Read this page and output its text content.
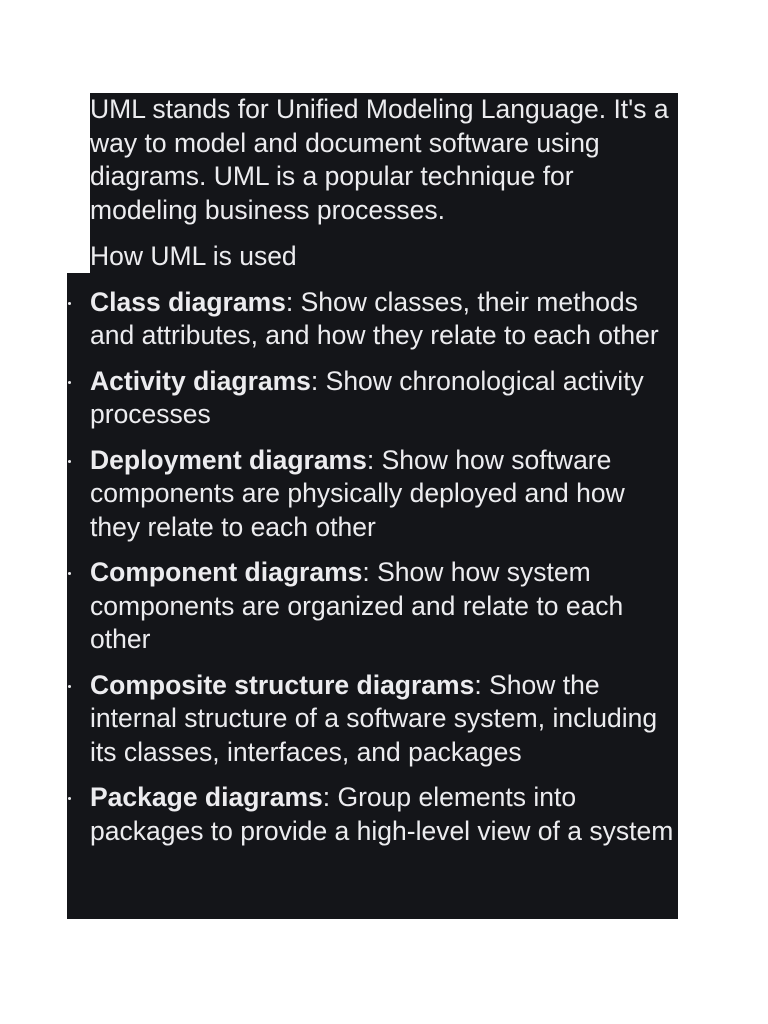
UML stands for Unified Modeling Language. It's a way to model and document software using diagrams. UML is a popular technique for modeling business processes.

How UML is used

Class diagrams: Show classes, their methods and attributes, and how they relate to each other
Activity diagrams: Show chronological activity processes
Deployment diagrams: Show how software components are physically deployed and how they relate to each other
Component diagrams: Show how system components are organized and relate to each other
Composite structure diagrams: Show the internal structure of a software system, including its classes, interfaces, and packages
Package diagrams: Group elements into packages to provide a high-level view of a system
